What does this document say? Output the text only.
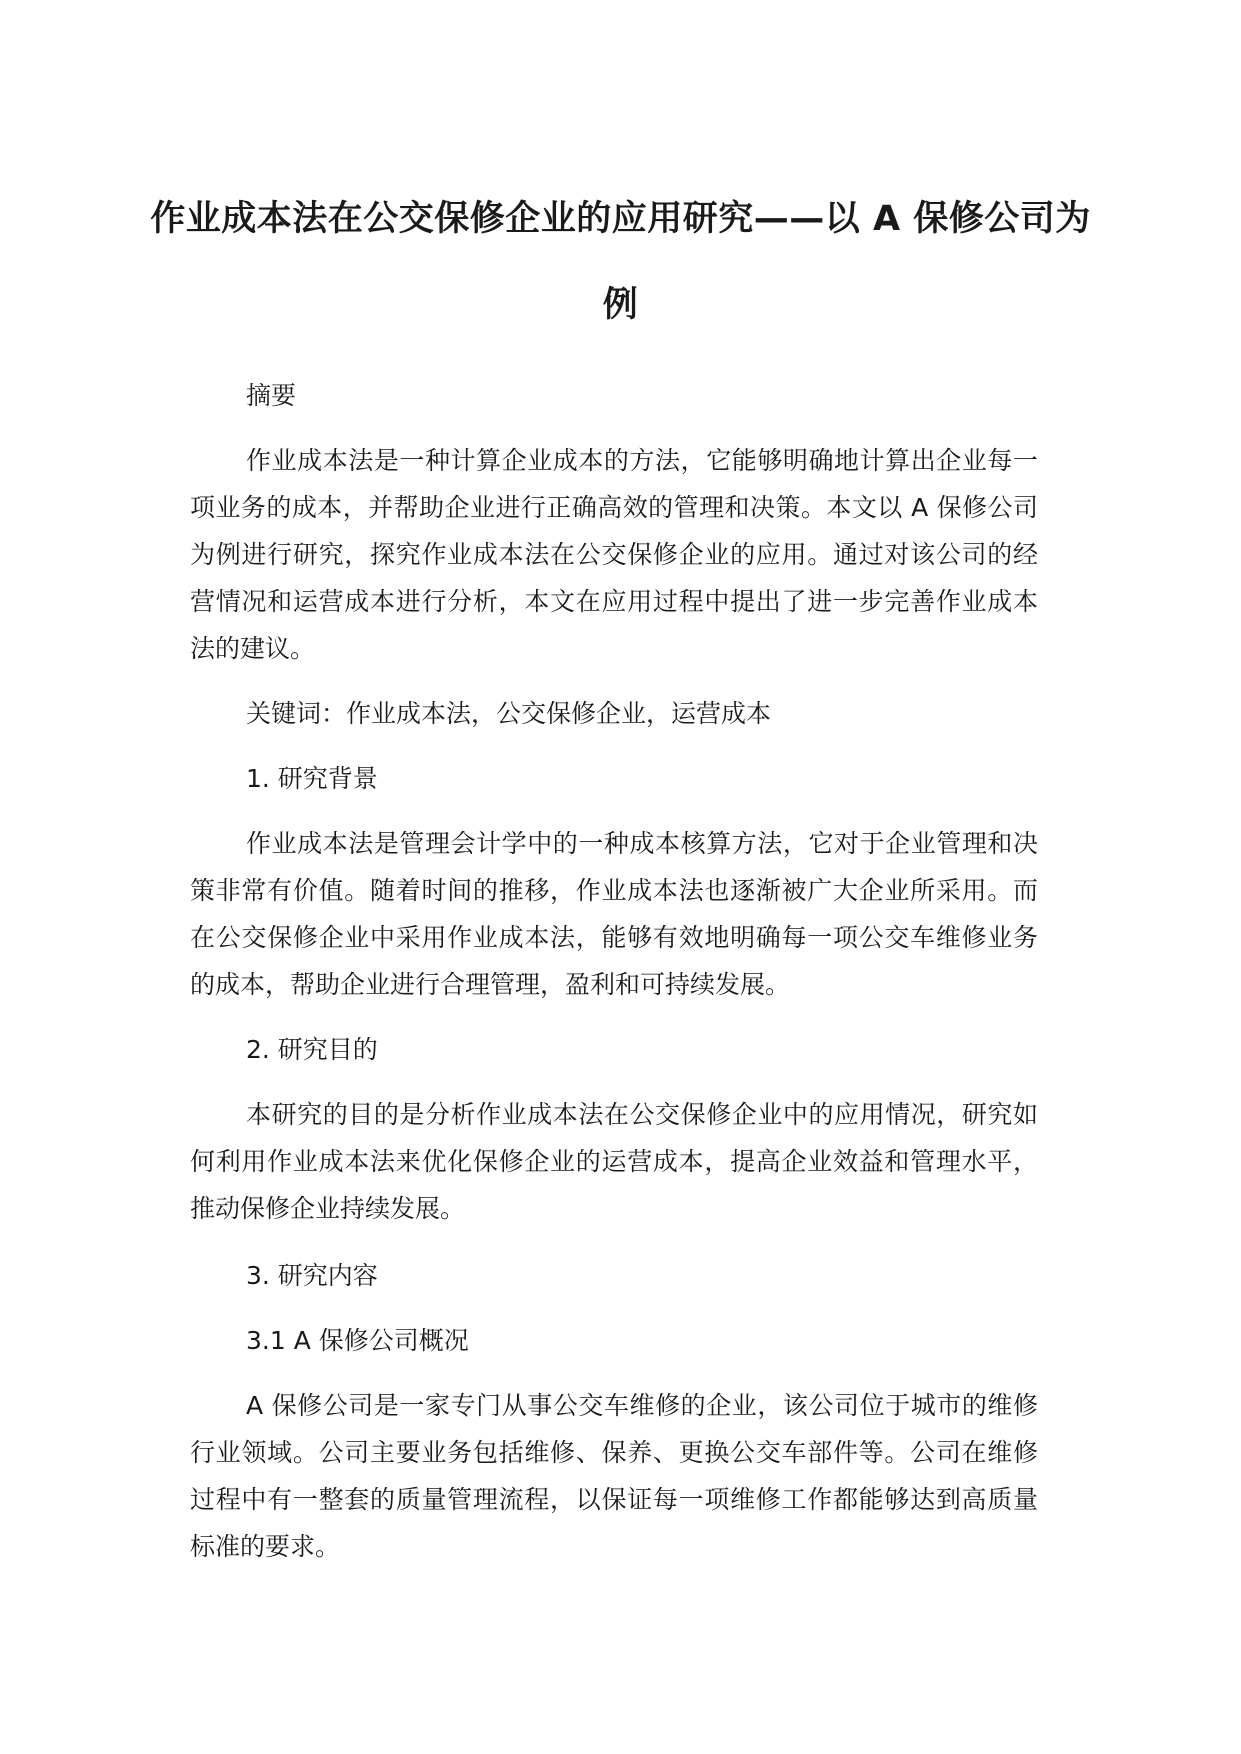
作业成本法在公交保修企业的应用研究——以 A 保修公司为例

摘要

作业成本法是一种计算企业成本的方法，它能够明确地计算出企业每一项业务的成本，并帮助企业进行正确高效的管理和决策。本文以 A 保修公司为例进行研究，探究作业成本法在公交保修企业的应用。通过对该公司的经营情况和运营成本进行分析，本文在应用过程中提出了进一步完善作业成本法的建议。

关键词：作业成本法，公交保修企业，运营成本

1. 研究背景

作业成本法是管理会计学中的一种成本核算方法，它对于企业管理和决策非常有价值。随着时间的推移，作业成本法也逐渐被广大企业所采用。而在公交保修企业中采用作业成本法，能够有效地明确每一项公交车维修业务的成本，帮助企业进行合理管理，盈利和可持续发展。

2. 研究目的

本研究的目的是分析作业成本法在公交保修企业中的应用情况，研究如何利用作业成本法来优化保修企业的运营成本，提高企业效益和管理水平，推动保修企业持续发展。

3. 研究内容

3.1 A 保修公司概况

A 保修公司是一家专门从事公交车维修的企业，该公司位于城市的维修行业领域。公司主要业务包括维修、保养、更换公交车部件等。公司在维修过程中有一整套的质量管理流程，以保证每一项维修工作都能够达到高质量标准的要求。
